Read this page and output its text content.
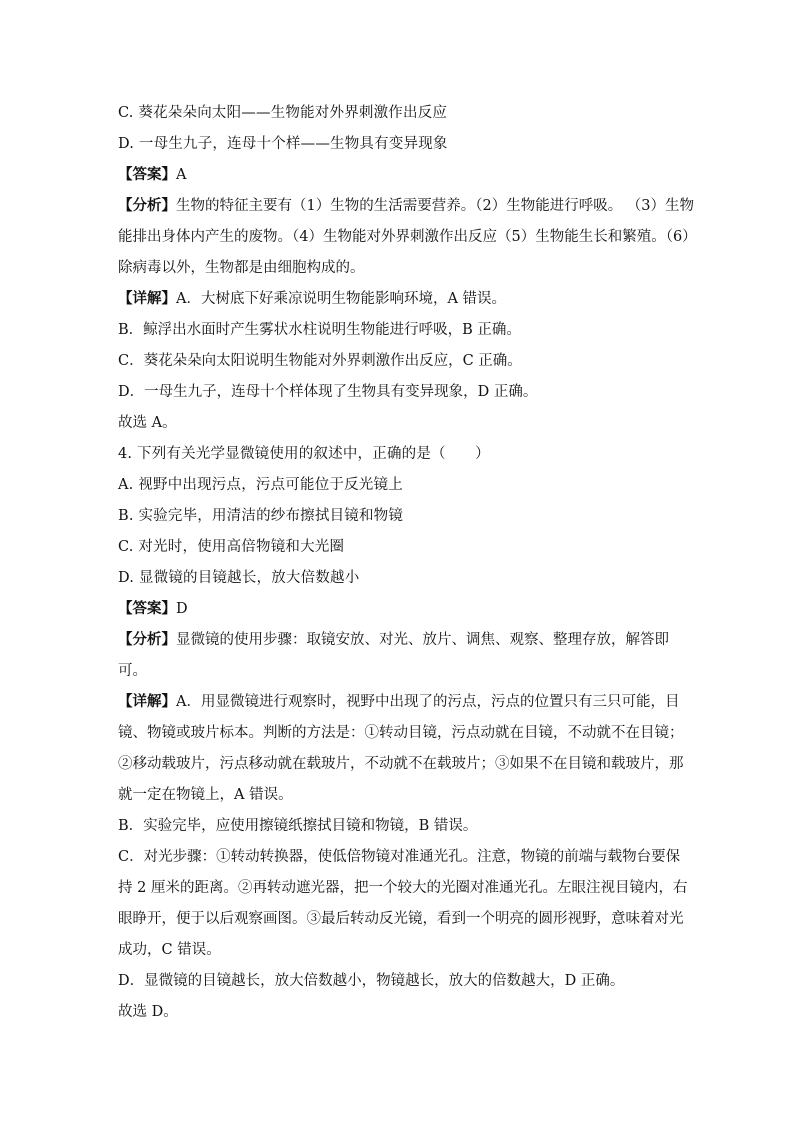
C. 葵花朵朵向太阳——生物能对外界刺激作出反应
D. 一母生九子，连母十个样——生物具有变异现象
【答案】A
【分析】生物的特征主要有（1）生物的生活需要营养。（2）生物能进行呼吸。 （3）生物
能排出身体内产生的废物。（4）生物能对外界刺激作出反应（5）生物能生长和繁殖。（6）
除病毒以外，生物都是由细胞构成的。
【详解】A．大树底下好乘凉说明生物能影响环境，A 错误。
B．鲸浮出水面时产生雾状水柱说明生物能进行呼吸，B 正确。
C．葵花朵朵向太阳说明生物能对外界刺激作出反应，C 正确。
D．一母生九子，连母十个样体现了生物具有变异现象，D 正确。
故选 A。
4. 下列有关光学显微镜使用的叙述中，正确的是（　　）
A. 视野中出现污点，污点可能位于反光镜上
B. 实验完毕，用清洁的纱布擦拭目镜和物镜
C. 对光时，使用高倍物镜和大光圈
D. 显微镜的目镜越长，放大倍数越小
【答案】D
【分析】显微镜的使用步骤：取镜安放、对光、放片、调焦、观察、整理存放，解答即
可。
【详解】A．用显微镜进行观察时，视野中出现了的污点，污点的位置只有三只可能，目
镜、物镜或玻片标本。判断的方法是：①转动目镜，污点动就在目镜，不动就不在目镜；
②移动载玻片，污点移动就在载玻片，不动就不在载玻片；③如果不在目镜和载玻片，那
就一定在物镜上，A 错误。
B．实验完毕，应使用擦镜纸擦拭目镜和物镜，B 错误。
C．对光步骤：①转动转换器，使低倍物镜对准通光孔。注意，物镜的前端与载物台要保
持 2 厘米的距离。②再转动遮光器，把一个较大的光圈对准通光孔。左眼注视目镜内，右
眼睁开，便于以后观察画图。③最后转动反光镜，看到一个明亮的圆形视野，意味着对光
成功，C 错误。
D．显微镜的目镜越长，放大倍数越小，物镜越长，放大的倍数越大，D 正确。
故选 D。
